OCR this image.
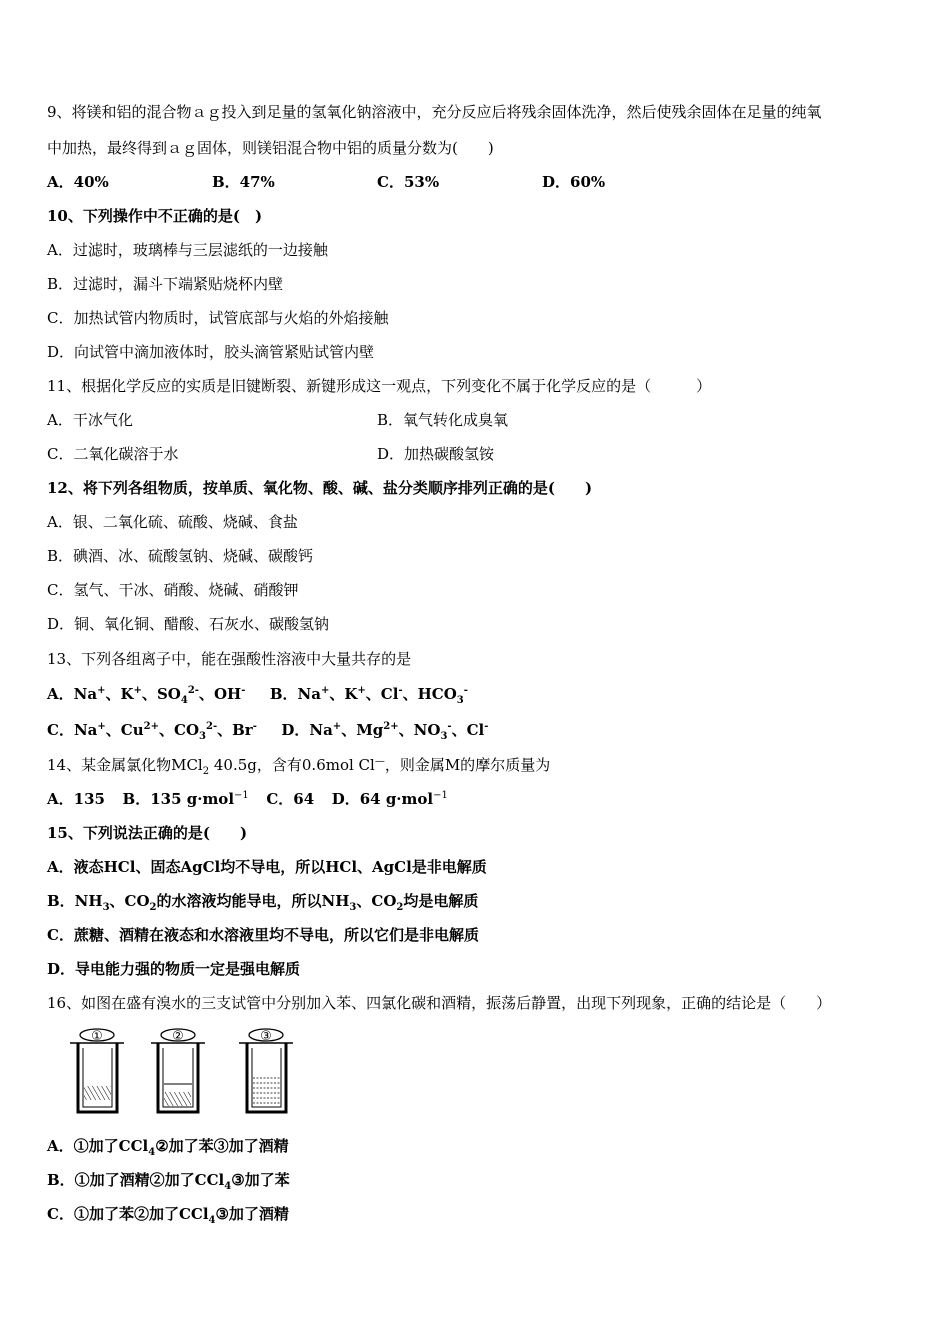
9、将镁和铝的混合物ａｇ投入到足量的氢氧化钠溶液中，充分反应后将残余固体洗净，然后使残余固体在足量的纯氧
中加热，最终得到ａｇ固体，则镁铝混合物中铝的质量分数为(　　)
A．40%	B．47%	C．53%	D．60%
10、下列操作中不正确的是(　)
A．过滤时，玻璃棒与三层滤纸的一边接触
B．过滤时，漏斗下端紧贴烧杯内壁
C．加热试管内物质时，试管底部与火焰的外焰接触
D．向试管中滴加液体时，胶头滴管紧贴试管内壁
11、根据化学反应的实质是旧键断裂、新键形成这一观点，下列变化不属于化学反应的是（　　　）
A．干冰气化	B．氧气转化成臭氧
C．二氧化碳溶于水	D．加热碳酸氢铵
12、将下列各组物质，按单质、氧化物、酸、碱、盐分类顺序排列正确的是(　　)
A．银、二氧化硫、硫酸、烧碱、食盐
B．碘酒、冰、硫酸氢钠、烧碱、碳酸钙
C．氢气、干冰、硝酸、烧碱、硝酸钾
D．铜、氧化铜、醋酸、石灰水、碳酸氢钠
13、下列各组离子中，能在强酸性溶液中大量共存的是
A．Na+、K+、$SO_4^{2-}$、OH- B．Na+、K+、Cl-、$HCO_3^-$
C．Na+、$Cu^{2+}$、$CO_3^{2-}$、Br- D．Na+、$Mg^{2+}$、$NO_3^-$、Cl-
14、某金属氯化物MCl$_2$ 40.5g，含有0.6mol Cl—，则金属M的摩尔质量为
A．135 B．135 g·mol$^{-1}$ C．64 D．64 g·mol$^{-1}$
15、下列说法正确的是(　　)
A．液态HCl、固态AgCl均不导电，所以HCl、AgCl是非电解质
B．$NH_3$、$CO_2$的水溶液均能导电，所以$NH_3$、$CO_2$均是电解质
C．蔗糖、酒精在液态和水溶液里均不导电，所以它们是非电解质
D．导电能力强的物质一定是强电解质
16、如图在盛有溴水的三支试管中分别加入苯、四氯化碳和酒精，振荡后静置，出现下列现象，正确的结论是（　　）
①	②	③
A．①加了CCl$_4$②加了苯③加了酒精
B．①加了酒精②加了CCl$_4$③加了苯
C．①加了苯②加了CCl$_4$③加了酒精
